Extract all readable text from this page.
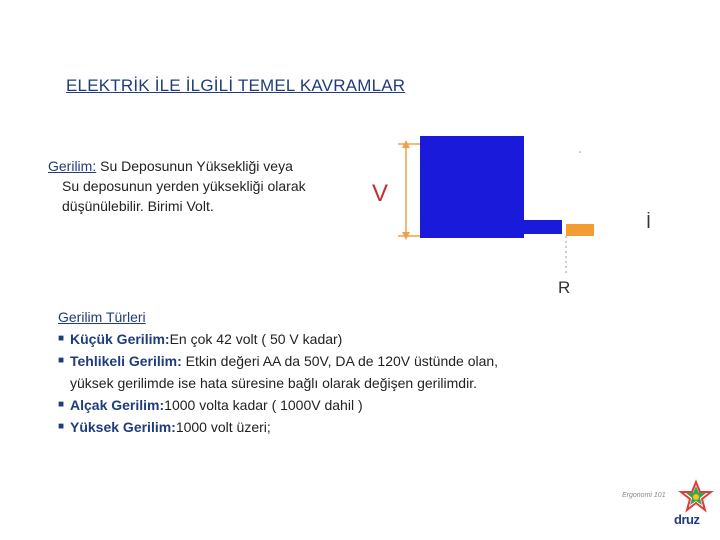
ELEKTRİK İLE İLGİLİ TEMEL KAVRAMLAR
Gerilim: Su Deposunun Yüksekliği veya
Su deposunun yerden yüksekliği olarak düşünülebilir. Birimi Volt.	V
İ
R
Gerilim Türleri
■ Küçük Gerilim:En çok 42 volt ( 50 V kadar)
■ Tehlikeli Gerilim: Etkin değeri AA da 50V, DA de 120V üstünde olan,
yüksek gerilimde ise hata süresine bağlı olarak değişen gerilimdir.
■ Alçak Gerilim:1000 volta kadar ( 1000V dahil )
■ Yüksek Gerilim:1000 volt üzeri;
Ergonomi 101
druz
